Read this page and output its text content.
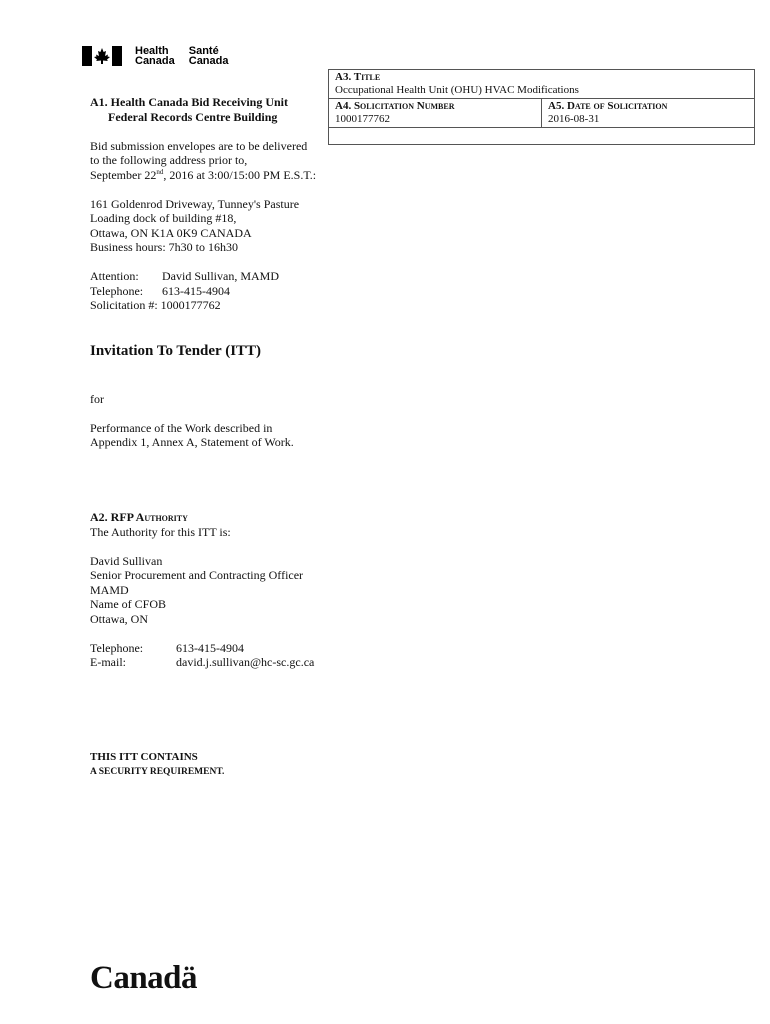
Health
Canada
Santé
Canada
A3. Title
Occupational Health Unit (OHU) HVAC Modifications
A4. Solicitation Number
1000177762
A5. Date of Solicitation
2016-08-31
A1. Health Canada Bid Receiving Unit
Federal Records Centre Building
Bid submission envelopes are to be delivered
to the following address prior to,
September 22nd, 2016 at 3:00/15:00 PM E.S.T.:
161 Goldenrod Driveway, Tunney's Pasture
Loading dock of building #18,
Ottawa, ON K1A 0K9 CANADA
Business hours: 7h30 to 16h30
Attention: David Sullivan, MAMD
Telephone: 613-415-4904
Solicitation #: 1000177762
Invitation To Tender (ITT)
for
Performance of the Work described in
Appendix 1, Annex A, Statement of Work.
A2. RFP Authority
The Authority for this ITT is:
David Sullivan
Senior Procurement and Contracting Officer
MAMD
Name of CFOB
Ottawa, ON
Telephone:	613-415-4904
E-mail:	david.j.sullivan@hc-sc.gc.ca
THIS ITT CONTAINS
A SECURITY REQUIREMENT.
Canadä
